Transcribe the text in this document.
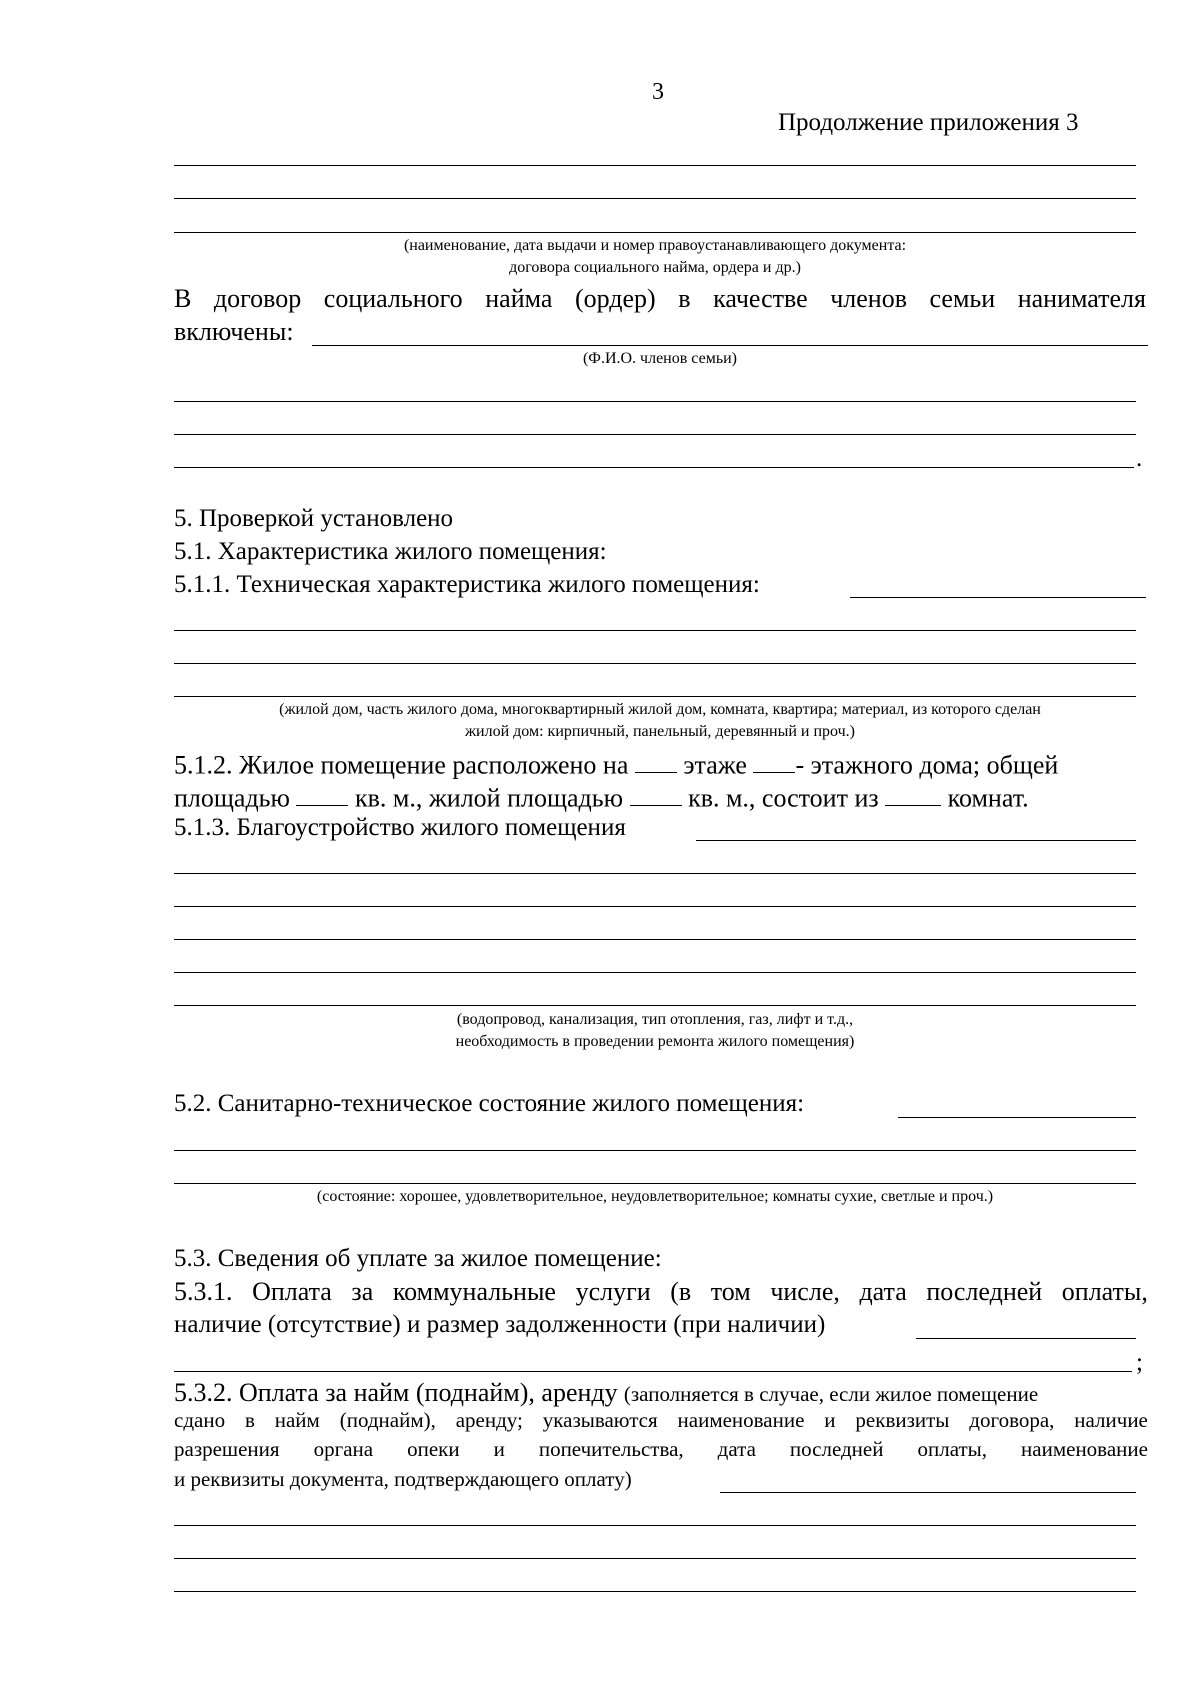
3
Продолжение приложения 3
(наименование, дата выдачи и номер правоустанавливающего документа:
договора социального найма, ордера и др.)
В договор социального найма (ордер) в качестве членов семьи нанимателя
включены:
(Ф.И.О. членов семьи)
.
5. Проверкой установлено
5.1. Характеристика жилого помещения:
5.1.1. Техническая характеристика жилого помещения:
(жилой дом, часть жилого дома, многоквартирный жилой дом, комната, квартира; материал, из которого сделан
жилой дом: кирпичный, панельный, деревянный и проч.)
5.1.2. Жилое помещение расположено на этаже - этажного дома; общей
площадью	кв. м., жилой площадью	кв. м., состоит из	комнат.
5.1.3. Благоустройство жилого помещения
(водопровод, канализация, тип отопления, газ, лифт и т.д.,
необходимость в проведении ремонта жилого помещения)
5.2. Санитарно-техническое состояние жилого помещения:
(состояние: хорошее, удовлетворительное, неудовлетворительное; комнаты сухие, светлые и проч.)
5.3. Сведения об уплате за жилое помещение:
5.3.1. Оплата за коммунальные услуги (в том числе, дата последней оплаты,
наличие (отсутствие) и размер задолженности (при наличии)
;
5.3.2. Оплата за найм (поднайм), аренду (заполняется в случае, если жилое помещение
сдано в найм (поднайм), аренду; указываются наименование и реквизиты договора, наличие
разрешения органа опеки и попечительства, дата последней оплаты, наименование
и реквизиты документа, подтверждающего оплату)
